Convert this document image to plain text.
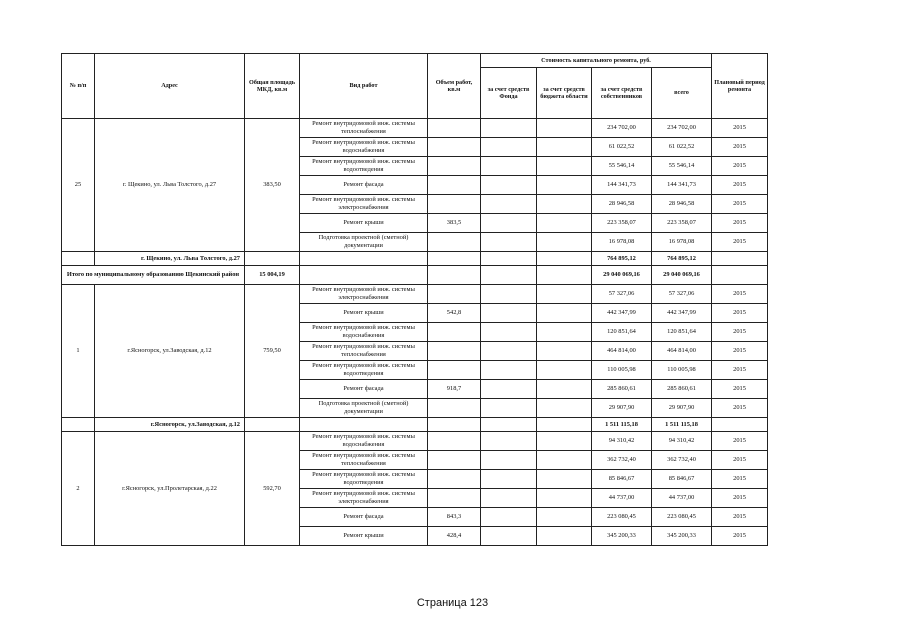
№ п/п	Адрес	Общая площадь МКД, кв.м	Вид работ	Объем работ, кв.м	Стоимость капитального ремонта, руб.				Плановый период ремонта
					за счет средств Фонда	за счет средств бюджета области	за счет средств собственников	всего	
25	г. Щекино, ул. Льва Толстого, д.27	383,50	Ремонт внутридомовой инж. системы теплоснабжения				234 702,00	234 702,00	2015
			Ремонт внутридомовой инж. системы водоснабжения				61 022,52	61 022,52	2015
			Ремонт внутридомовой инж. системы водоотведения				55 546,14	55 546,14	2015
			Ремонт фасада				144 341,73	144 341,73	2015
			Ремонт внутридомовой инж. системы электроснабжения				28 946,58	28 946,58	2015
			Ремонт крыши	383,5			223 358,07	223 358,07	2015
			Подготовка проектной (сметной) документации				16 978,08	16 978,08	2015
	г. Щекино, ул. Льва Толстого, д.27						764 895,12	764 895,12	
Итого по муниципальному образованию Щекинский район		15 004,19					29 040 069,16	29 040 069,16	
1	г.Ясногорск, ул.Заводская, д.12	759,50	Ремонт внутридомовой инж. системы электроснабжения				57 327,06	57 327,06	2015
			Ремонт крыши	542,8			442 347,99	442 347,99	2015
			Ремонт внутридомовой инж. системы водоснабжения				120 851,64	120 851,64	2015
			Ремонт внутридомовой инж. системы теплоснабжения				464 814,00	464 814,00	2015
			Ремонт внутридомовой инж. системы водоотведения				110 005,98	110 005,98	2015
			Ремонт фасада	918,7			285 860,61	285 860,61	2015
			Подготовка проектной (сметной) документации				29 907,90	29 907,90	2015
	г.Ясногорск, ул.Заводская, д.12						1 511 115,18	1 511 115,18	
2	г.Ясногорск, ул.Пролетарская, д.22	592,70	Ремонт внутридомовой инж. системы водоснабжения				94 310,42	94 310,42	2015
			Ремонт внутридомовой инж. системы теплоснабжения				362 732,40	362 732,40	2015
			Ремонт внутридомовой инж. системы водоотведения				85 846,67	85 846,67	2015
			Ремонт внутридомовой инж. системы электроснабжения				44 737,00	44 737,00	2015
			Ремонт фасада	843,3			223 080,45	223 080,45	2015
			Ремонт крыши	428,4			345 200,33	345 200,33	2015
Страница 123
